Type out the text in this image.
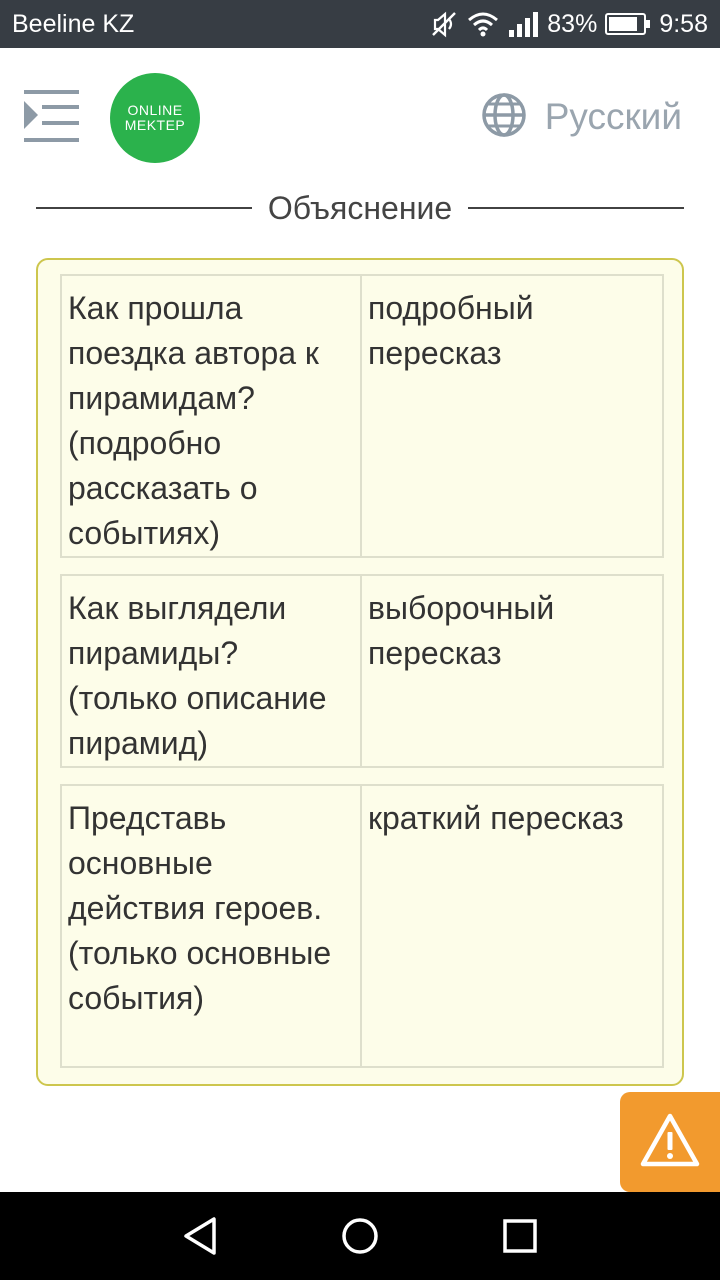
Beeline KZ	83% 9:58
ONLINE
MEKTEP	Русский
Объяснение
Как прошла поездка автора к пирамидам? (подробно рассказать о событиях)
подробный пересказ
Как выглядели пирамиды? (только описание пирамид)
выборочный пересказ
Представь основные действия героев. (только основные события)
краткий пересказ
